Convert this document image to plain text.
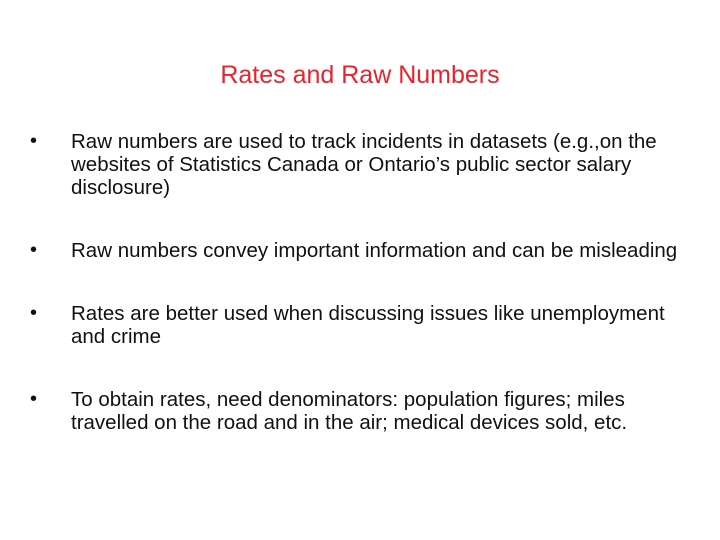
Rates and Raw Numbers
•	Raw numbers are used to track incidents in datasets (e.g.,on the websites of Statistics Canada or Ontario’s public sector salary disclosure)
•	Raw numbers convey important information and can be misleading
•	Rates are better used when discussing issues like unemployment and crime
•	To obtain rates, need denominators: population figures; miles travelled on the road and in the air; medical devices sold, etc.
